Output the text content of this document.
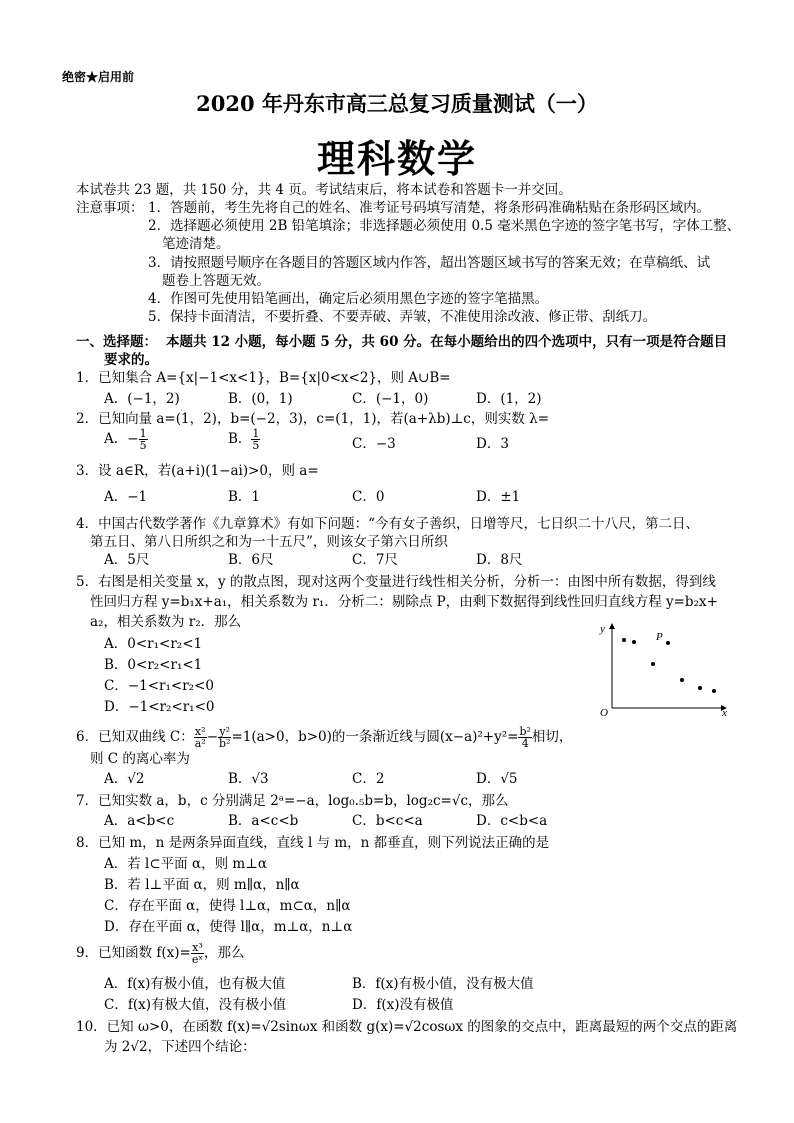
绝密★启用前
2020 年丹东市高三总复习质量测试（一）
理科数学
本试卷共 23 题，共 150 分，共 4 页。考试结束后，将本试卷和答题卡一并交回。
注意事项： 1．答题前，考生先将自己的姓名、准考证号码填写清楚，将条形码准确粘贴在条形码区域内。
2．选择题必须使用 2B 铅笔填涂；非选择题必须使用 0.5 毫米黑色字迹的签字笔书写，字体工整、
笔迹清楚。
3．请按照题号顺序在各题目的答题区域内作答，超出答题区域书写的答案无效；在草稿纸、试
题卷上答题无效。
4．作图可先使用铅笔画出，确定后必须用黑色字迹的签字笔描黑。
5．保持卡面清洁，不要折叠、不要弄破、弄皱，不准使用涂改液、修正带、刮纸刀。
一、选择题： 本题共 12 小题，每小题 5 分，共 60 分。在每小题给出的四个选项中，只有一项是符合题目
要求的。
1．已知集合 A={x|−1<x<1}，B={x|0<x<2}，则 A∪B=
A．(−1，2)	B．(0，1)	C．(−1，0)	D．(1，2)
2．已知向量 a=(1，2)，b=(−2，3)，c=(1，1)，若(a+λb)⊥c，则实数 λ=
A．− $\frac{1}{5}$	B． $\frac{1}{5}$	C．−3	D．3
3．设 a∈R，若(a+i)(1−ai)>0，则 a=
A．−1	B．1	C．0	D．±1
4．中国古代数学著作《九章算术》有如下问题：“今有女子善织，日增等尺，七日织二十八尺，第二日、
第五日、第八日所织之和为一十五尺”，则该女子第六日所织
A．5尺	B．6尺	C．7尺	D．8尺
5．右图是相关变量 x，y 的散点图，现对这两个变量进行线性相关分析，分析一：由图中所有数据，得到线
性回归方程 y=b₁x+a₁，相关系数为 r₁．分析二：剔除点 P，由剩下数据得到线性回归直线方程 y=b₂x+
a₂，相关系数为 r₂．那么
A．0<r₁<r₂<1
B．0<r₂<r₁<1
C．−1<r₁<r₂<0
D．−1<r₂<r₁<0
y
x
O
P
6．已知双曲线 C： $\frac{\text{x²}}{\text{a²}} - \frac{\text{y²}}{\text{b²}} =1(a>0$，b>0)的一条渐近线与圆$(x-a)^2+y^2= \frac{\text{b²}}{4}$ 相切，
则 C 的离心率为
A．√2	B．√3	C．2	D．√5
7．已知实数 a，b，c 分别满足 2ᵃ=−a，log₀.₅b=b，log₂c=√c，那么
A．a<b<c	B．a<c<b	C．b<c<a	D．c<b<a
8．已知 m，n 是两条异面直线，直线 l 与 m，n 都垂直，则下列说法正确的是
A．若 l⊂平面 α，则 m⊥α
B．若 l⊥平面 α，则 m∥α，n∥α
C．存在平面 α，使得 l⊥α，m⊂α，n∥α
D．存在平面 α，使得 l∥α，m⊥α，n⊥α
9．已知函数 $f(x)= \frac{\text{x³}}{\text{eˣ}}$ ，那么
A．f(x)有极小值，也有极大值	B．f(x)有极小值，没有极大值
C．f(x)有极大值，没有极小值	D．f(x)没有极值
10．已知 ω>0，在函数 f(x)=√2sinωx 和函数 g(x)=√2cosωx 的图象的交点中，距离最短的两个交点的距离
为 2√2，下述四个结论：
